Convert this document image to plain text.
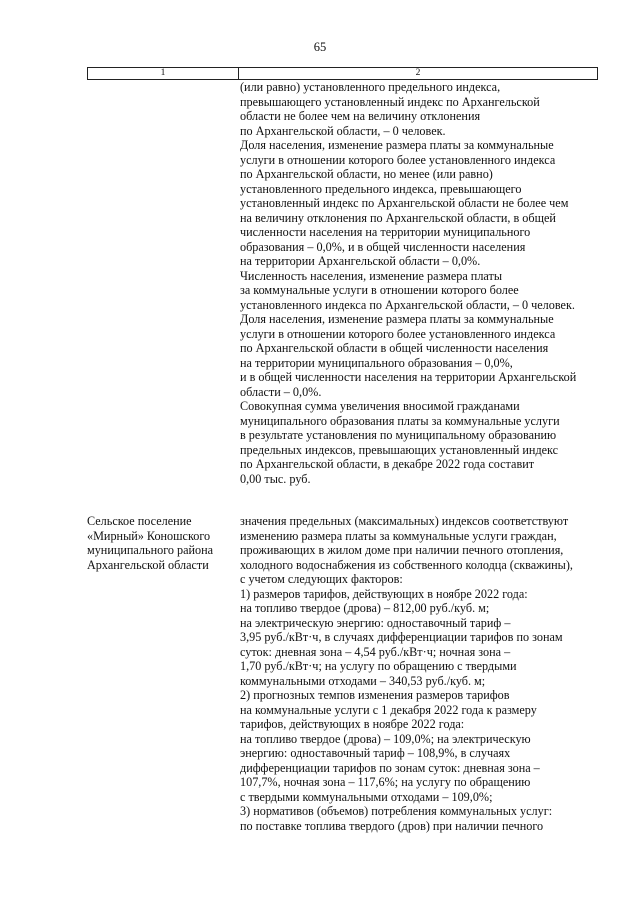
65
1	2
(или равно) установленного предельного индекса,
превышающего установленный индекс по Архангельской
области не более чем на величину отклонения
по Архангельской области, – 0 человек.
Доля населения, изменение размера платы за коммунальные
услуги в отношении которого более установленного индекса
по Архангельской области, но менее (или равно)
установленного предельного индекса, превышающего
установленный индекс по Архангельской области не более чем
на величину отклонения по Архангельской области, в общей
численности населения на территории муниципального
образования – 0,0%, и в общей численности населения
на территории Архангельской области – 0,0%.
Численность населения, изменение размера платы
за коммунальные услуги в отношении которого более
установленного индекса по Архангельской области, – 0 человек.
Доля населения, изменение размера платы за коммунальные
услуги в отношении которого более установленного индекса
по Архангельской области в общей численности населения
на территории муниципального образования – 0,0%,
и в общей численности населения на территории Архангельской
области – 0,0%.
Совокупная сумма увеличения вносимой гражданами
муниципального образования платы за коммунальные услуги
в результате установления по муниципальному образованию
предельных индексов, превышающих установленный индекс
по Архангельской области, в декабре 2022 года составит
0,00 тыс. руб.
Сельское поселение
«Мирный» Коношского
муниципального района
Архангельской области
значения предельных (максимальных) индексов соответствуют
изменению размера платы за коммунальные услуги граждан,
проживающих в жилом доме при наличии печного отопления,
холодного водоснабжения из собственного колодца (скважины),
с учетом следующих факторов:
1) размеров тарифов, действующих в ноябре 2022 года:
на топливо твердое (дрова) – 812,00 руб./куб. м;
на электрическую энергию: одноставочный тариф –
3,95 руб./кВт·ч, в случаях дифференциации тарифов по зонам
суток: дневная зона – 4,54 руб./кВт·ч; ночная зона –
1,70 руб./кВт·ч; на услугу по обращению с твердыми
коммунальными отходами – 340,53 руб./куб. м;
2) прогнозных темпов изменения размеров тарифов
на коммунальные услуги с 1 декабря 2022 года к размеру
тарифов, действующих в ноябре 2022 года:
на топливо твердое (дрова) – 109,0%; на электрическую
энергию: одноставочный тариф – 108,9%, в случаях
дифференциации тарифов по зонам суток: дневная зона –
107,7%, ночная зона – 117,6%; на услугу по обращению
с твердыми коммунальными отходами – 109,0%;
3) нормативов (объемов) потребления коммунальных услуг:
по поставке топлива твердого (дров) при наличии печного
